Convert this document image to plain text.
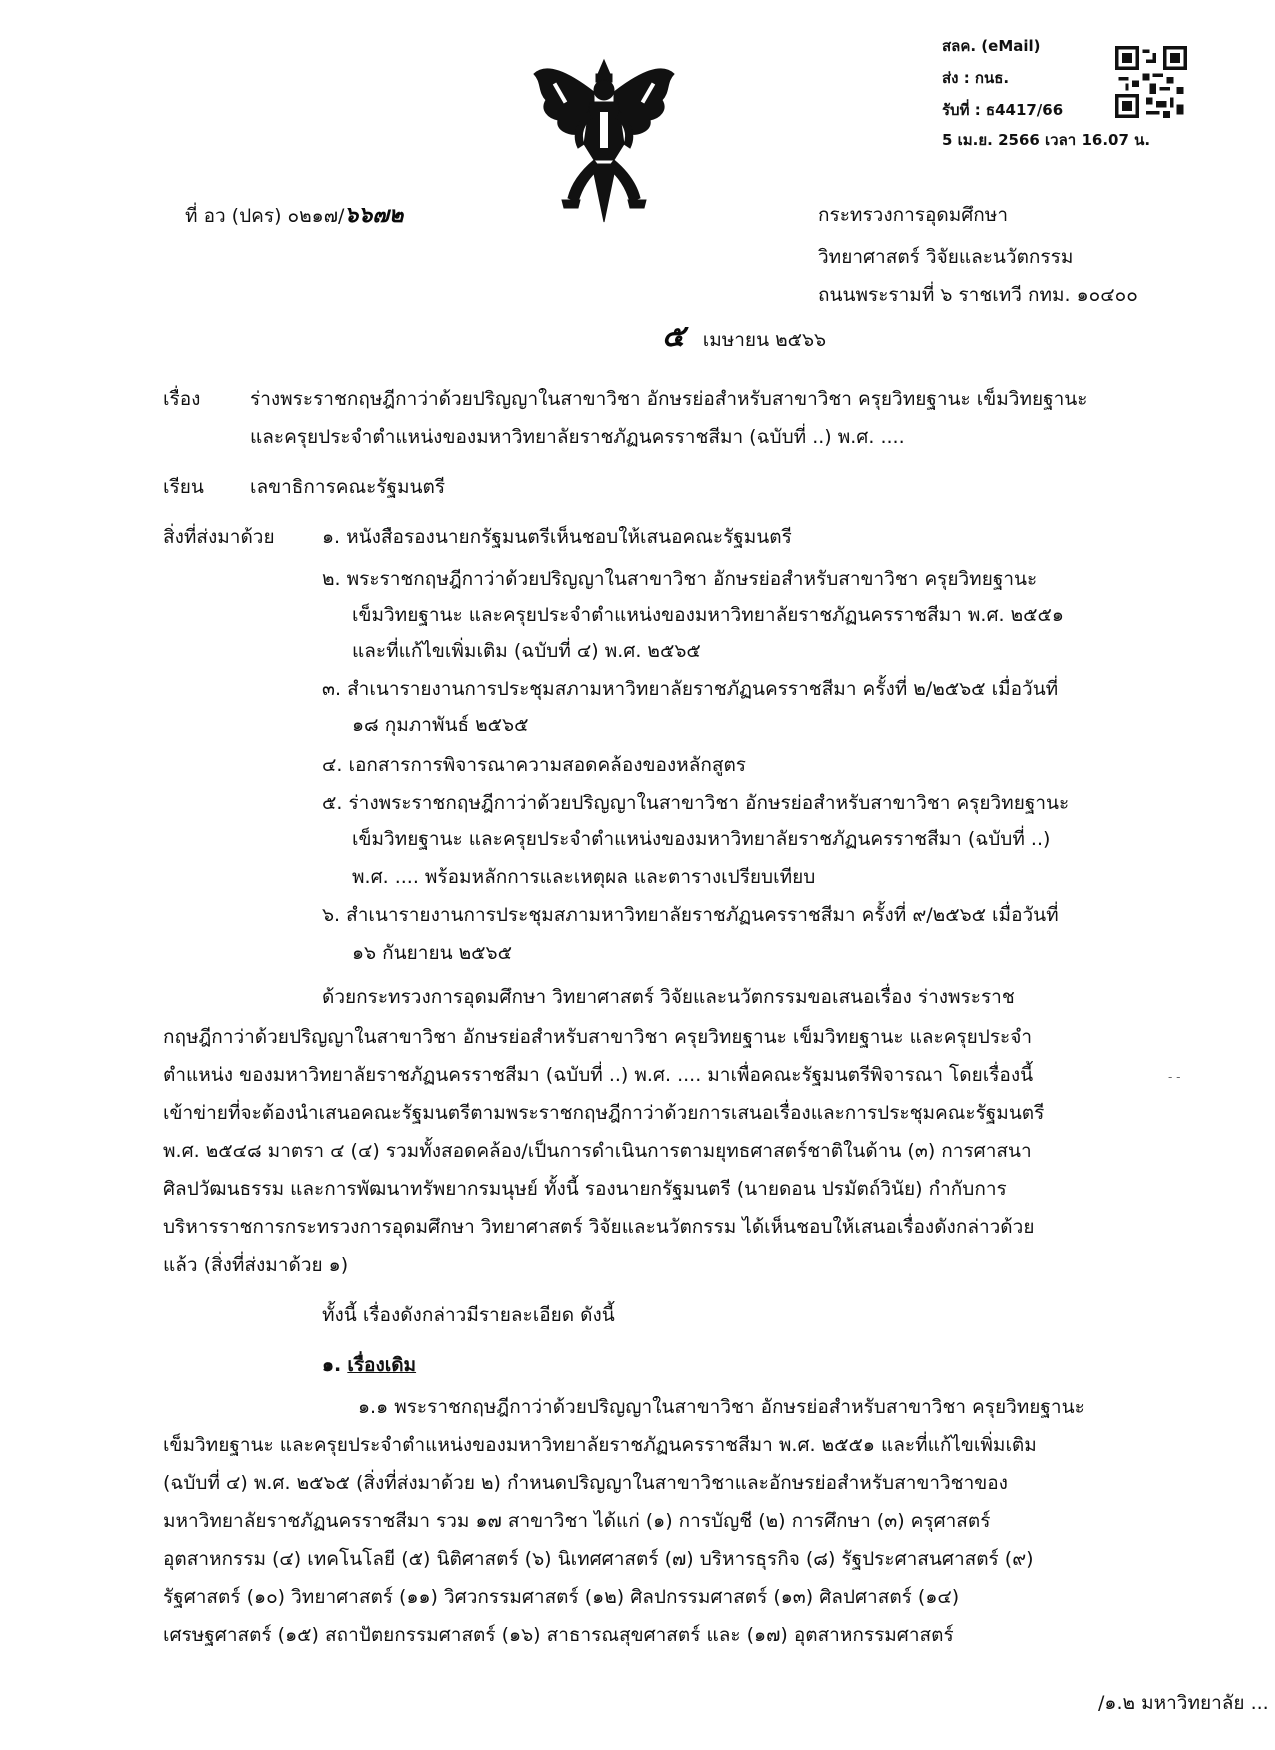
สลค. (eMail)

ส่ง : กนธ.

รับที่ : ธ4417/66

5 เม.ย. 2566 เวลา 16.07 น.

ที่ อว (ปคร) ๐๒๑๗/๖๖๗๒	กระทรวงการอุดมศึกษา

วิทยาศาสตร์ วิจัยและนวัตกรรม

ถนนพระรามที่ ๖ ราชเทวี กทม. ๑๐๔๐๐

๕ เมษายน ๒๕๖๖

เรื่อง	ร่างพระราชกฤษฎีกาว่าด้วยปริญญาในสาขาวิชา อักษรย่อสำหรับสาขาวิชา ครุยวิทยฐานะ เข็มวิทยฐานะ

และครุยประจำตำแหน่งของมหาวิทยาลัยราชภัฏนครราชสีมา (ฉบับที่ ..) พ.ศ. ....

เรียน เลขาธิการคณะรัฐมนตรี

สิ่งที่ส่งมาด้วย ๑. หนังสือรองนายกรัฐมนตรีเห็นชอบให้เสนอคณะรัฐมนตรี

๒. พระราชกฤษฎีกาว่าด้วยปริญญาในสาขาวิชา อักษรย่อสำหรับสาขาวิชา ครุยวิทยฐานะ

เข็มวิทยฐานะ และครุยประจำตำแหน่งของมหาวิทยาลัยราชภัฏนครราชสีมา พ.ศ. ๒๕๕๑

และที่แก้ไขเพิ่มเติม (ฉบับที่ ๔) พ.ศ. ๒๕๖๕

๓. สำเนารายงานการประชุมสภามหาวิทยาลัยราชภัฏนครราชสีมา ครั้งที่ ๒/๒๕๖๕ เมื่อวันที่

๑๘ กุมภาพันธ์ ๒๕๖๕

๔. เอกสารการพิจารณาความสอดคล้องของหลักสูตร

๕. ร่างพระราชกฤษฎีกาว่าด้วยปริญญาในสาขาวิชา อักษรย่อสำหรับสาขาวิชา ครุยวิทยฐานะ

เข็มวิทยฐานะ และครุยประจำตำแหน่งของมหาวิทยาลัยราชภัฏนครราชสีมา (ฉบับที่ ..)

พ.ศ. .... พร้อมหลักการและเหตุผล และตารางเปรียบเทียบ

๖. สำเนารายงานการประชุมสภามหาวิทยาลัยราชภัฏนครราชสีมา ครั้งที่ ๙/๒๕๖๕ เมื่อวันที่

๑๖ กันยายน ๒๕๖๕

ด้วยกระทรวงการอุดมศึกษา วิทยาศาสตร์ วิจัยและนวัตกรรมขอเสนอเรื่อง ร่างพระราช

กฤษฎีกาว่าด้วยปริญญาในสาขาวิชา อักษรย่อสำหรับสาขาวิชา ครุยวิทยฐานะ เข็มวิทยฐานะ และครุยประจำ

ตำแหน่ง ของมหาวิทยาลัยราชภัฏนครราชสีมา (ฉบับที่ ..) พ.ศ. .... มาเพื่อคณะรัฐมนตรีพิจารณา โดยเรื่องนี้

เข้าข่ายที่จะต้องนำเสนอคณะรัฐมนตรีตามพระราชกฤษฎีกาว่าด้วยการเสนอเรื่องและการประชุมคณะรัฐมนตรี

พ.ศ. ๒๕๔๘ มาตรา ๔ (๔) รวมทั้งสอดคล้อง/เป็นการดำเนินการตามยุทธศาสตร์ชาติในด้าน (๓) การศาสนา

ศิลปวัฒนธรรม และการพัฒนาทรัพยากรมนุษย์ ทั้งนี้ รองนายกรัฐมนตรี (นายดอน ปรมัตถ์วินัย) กำกับการ

บริหารราชการกระทรวงการอุดมศึกษา วิทยาศาสตร์ วิจัยและนวัตกรรม ได้เห็นชอบให้เสนอเรื่องดังกล่าวด้วย

แล้ว (สิ่งที่ส่งมาด้วย ๑)

- -

ทั้งนี้ เรื่องดังกล่าวมีรายละเอียด ดังนี้

๑. เรื่องเดิม

๑.๑ พระราชกฤษฎีกาว่าด้วยปริญญาในสาขาวิชา อักษรย่อสำหรับสาขาวิชา ครุยวิทยฐานะ

เข็มวิทยฐานะ และครุยประจำตำแหน่งของมหาวิทยาลัยราชภัฏนครราชสีมา พ.ศ. ๒๕๕๑ และที่แก้ไขเพิ่มเติม

(ฉบับที่ ๔) พ.ศ. ๒๕๖๕ (สิ่งที่ส่งมาด้วย ๒) กำหนดปริญญาในสาขาวิชาและอักษรย่อสำหรับสาขาวิชาของ

มหาวิทยาลัยราชภัฏนครราชสีมา รวม ๑๗ สาขาวิชา ได้แก่ (๑) การบัญชี (๒) การศึกษา (๓) ครุศาสตร์

อุตสาหกรรม (๔) เทคโนโลยี (๕) นิติศาสตร์ (๖) นิเทศศาสตร์ (๗) บริหารธุรกิจ (๘) รัฐประศาสนศาสตร์ (๙)

รัฐศาสตร์ (๑๐) วิทยาศาสตร์ (๑๑) วิศวกรรมศาสตร์ (๑๒) ศิลปกรรมศาสตร์ (๑๓) ศิลปศาสตร์ (๑๔)

เศรษฐศาสตร์ (๑๕) สถาปัตยกรรมศาสตร์ (๑๖) สาธารณสุขศาสตร์ และ (๑๗) อุตสาหกรรมศาสตร์

/๑.๒ มหาวิทยาลัย ...
